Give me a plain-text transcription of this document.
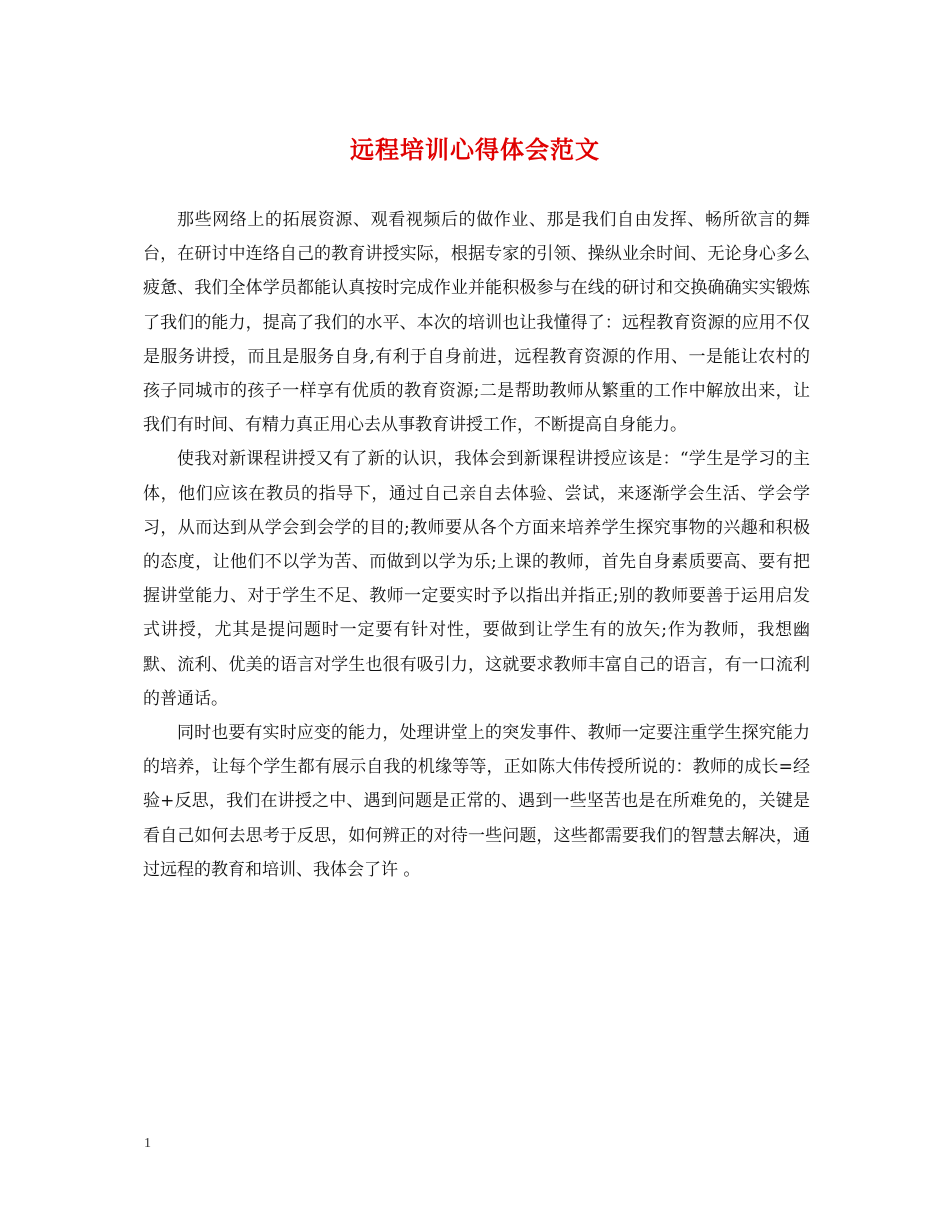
远程培训心得体会范文

那些网络上的拓展资源、观看视频后的做作业、那是我们自由发挥、畅所欲言的舞台，在研讨中连络自己的教育讲授实际，根据专家的引领、操纵业余时间、无论身心多么疲惫、我们全体学员都能认真按时完成作业并能积极参与在线的研讨和交换确确实实锻炼了我们的能力，提高了我们的水平、本次的培训也让我懂得了：远程教育资源的应用不仅是服务讲授，而且是服务自身,有利于自身前进，远程教育资源的作用、一是能让农村的孩子同城市的孩子一样享有优质的教育资源;二是帮助教师从繁重的工作中解放出来，让我们有时间、有精力真正用心去从事教育讲授工作，不断提高自身能力。

使我对新课程讲授又有了新的认识，我体会到新课程讲授应该是：“学生是学习的主体，他们应该在教员的指导下，通过自己亲自去体验、尝试，来逐渐学会生活、学会学习，从而达到从学会到会学的目的;教师要从各个方面来培养学生探究事物的兴趣和积极的态度，让他们不以学为苦、而做到以学为乐;上课的教师，首先自身素质要高、要有把握讲堂能力、对于学生不足、教师一定要实时予以指出并指正;别的教师要善于运用启发式讲授，尤其是提问题时一定要有针对性，要做到让学生有的放矢;作为教师，我想幽默、流利、优美的语言对学生也很有吸引力，这就要求教师丰富自己的语言，有一口流利的普通话。

同时也要有实时应变的能力，处理讲堂上的突发事件、教师一定要注重学生探究能力的培养，让每个学生都有展示自我的机缘等等，正如陈大伟传授所说的：教师的成长=经验+反思，我们在讲授之中、遇到问题是正常的、遇到一些坚苦也是在所难免的，关键是看自己如何去思考于反思，如何辨正的对待一些问题，这些都需要我们的智慧去解决，通过远程的教育和培训、我体会了许 。

1
